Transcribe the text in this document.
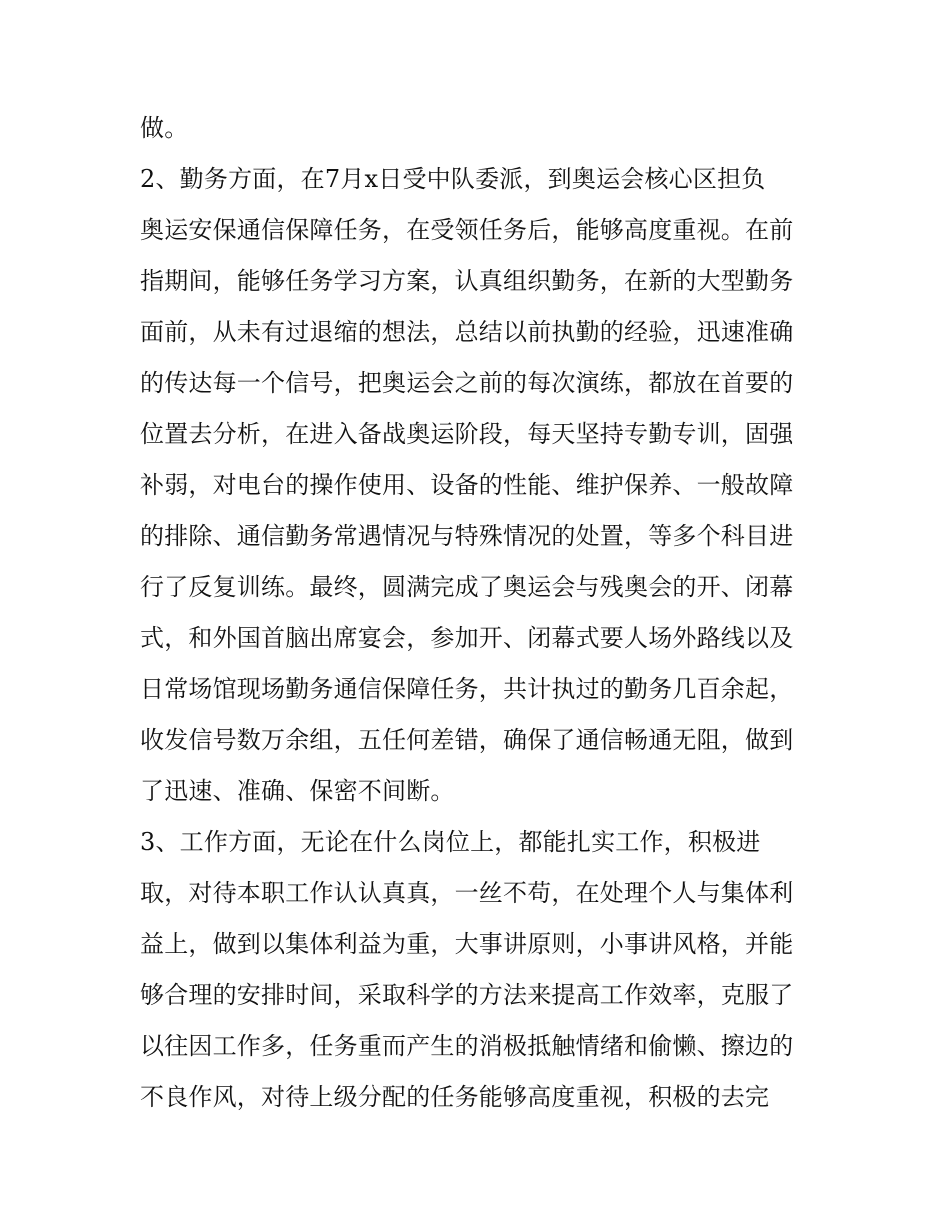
做。
2、勤务方面，在7月x日受中队委派，到奥运会核心区担负
奥运安保通信保障任务，在受领任务后，能够高度重视。在前
指期间，能够任务学习方案，认真组织勤务，在新的大型勤务
面前，从未有过退缩的想法，总结以前执勤的经验，迅速准确
的传达每一个信号，把奥运会之前的每次演练，都放在首要的
位置去分析，在进入备战奥运阶段，每天坚持专勤专训，固强
补弱，对电台的操作使用、设备的性能、维护保养、一般故障
的排除、通信勤务常遇情况与特殊情况的处置，等多个科目进
行了反复训练。最终，圆满完成了奥运会与残奥会的开、闭幕
式，和外国首脑出席宴会，参加开、闭幕式要人场外路线以及
日常场馆现场勤务通信保障任务，共计执过的勤务几百余起，
收发信号数万余组，五任何差错，确保了通信畅通无阻，做到
了迅速、准确、保密不间断。
3、工作方面，无论在什么岗位上，都能扎实工作，积极进
取，对待本职工作认认真真，一丝不苟，在处理个人与集体利
益上，做到以集体利益为重，大事讲原则，小事讲风格，并能
够合理的安排时间，采取科学的方法来提高工作效率，克服了
以往因工作多，任务重而产生的消极抵触情绪和偷懒、擦边的
不良作风，对待上级分配的任务能够高度重视，积极的去完
